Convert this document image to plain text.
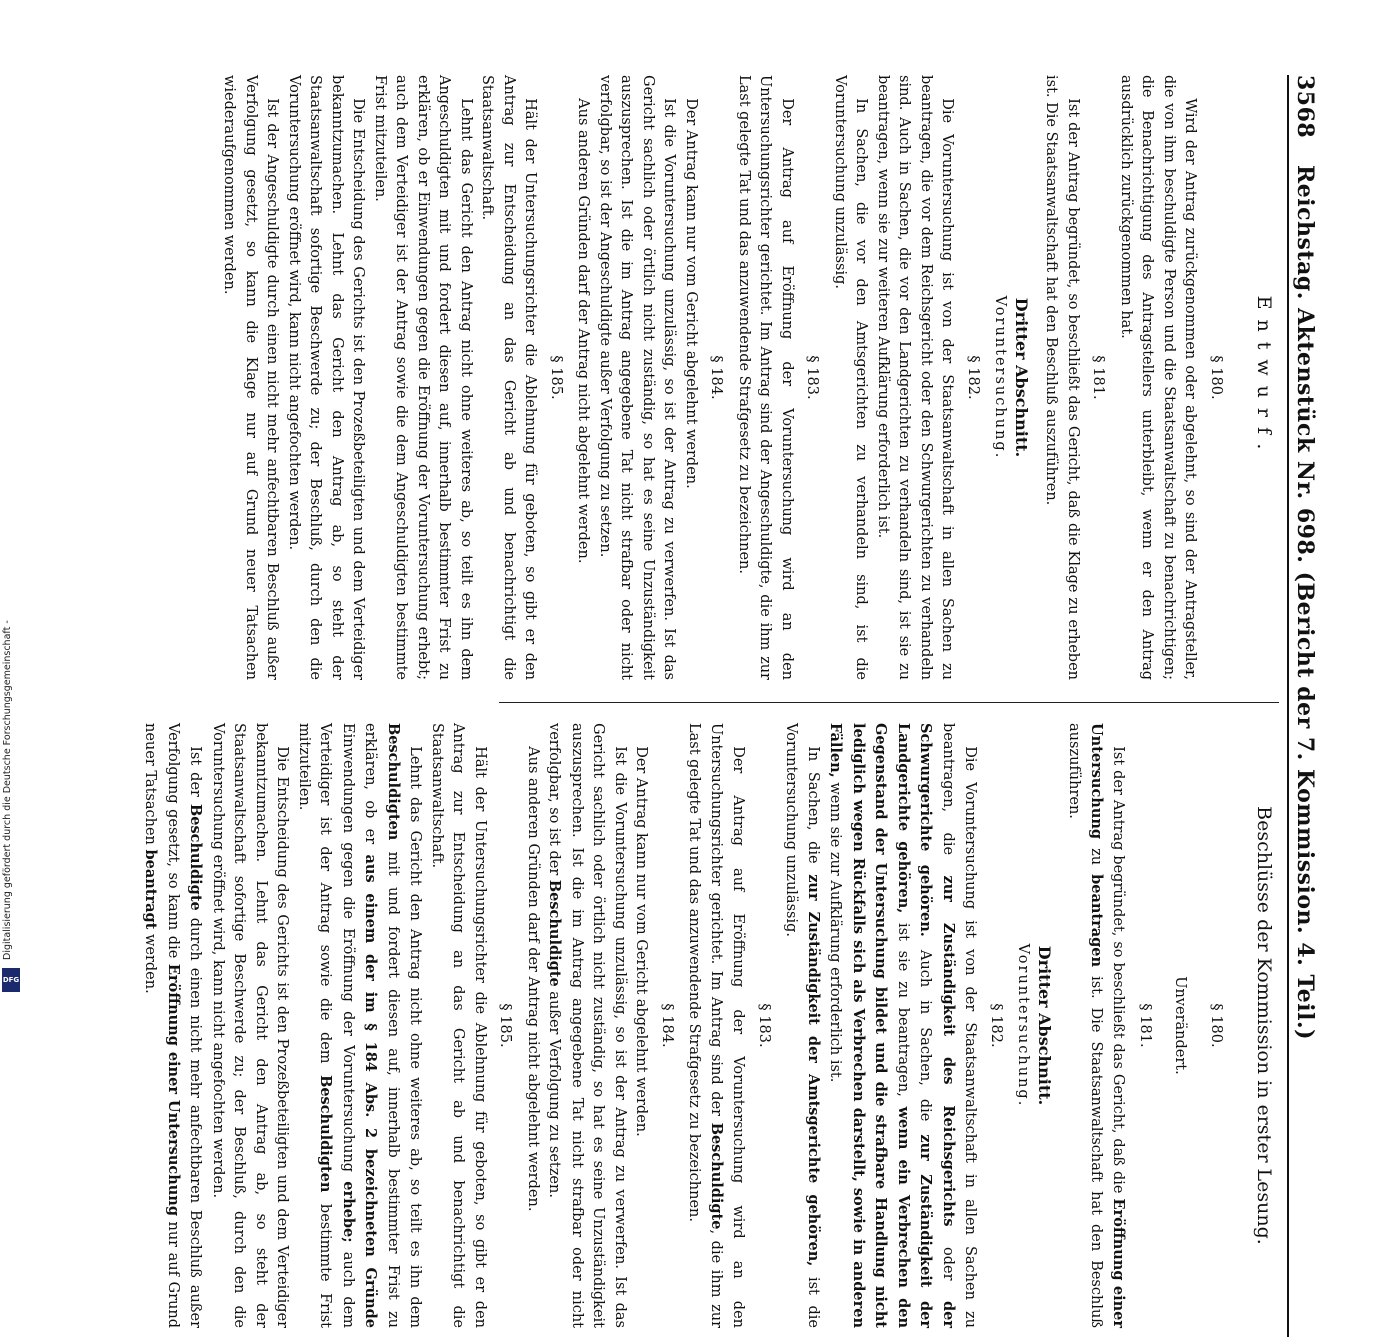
Digitalisierung gefördert durch die Deutsche Forschungsgemeinschaft -
DFG
3568
Reichstag. Aktenstück Nr. 698. (Bericht der 7. Kommission. 4. Teil.)
Entwurf.
Beschlüsse der Kommission in erster Lesung.
§ 180.

Wird der Antrag zurückgenommen oder abgelehnt, so sind der Antragsteller, die von ihm beschuldigte Person und die Staatsanwaltschaft zu benachrichtigen; die Benachrichtigung des Antragstellers unterbleibt, wenn er den Antrag ausdrücklich zurückgenommen hat.

§ 181.

Ist der Antrag begründet, so beschließt das Gericht, daß die Klage zu erheben ist. Die Staatsanwaltschaft hat den Beschluß auszuführen.

Dritter Abschnitt.
Voruntersuchung.
§ 182.

Die Voruntersuchung ist von der Staatsanwaltschaft in allen Sachen zu beantragen, die vor dem Reichsgericht oder den Schwurgerichten zu verhandeln sind. Auch in Sachen, die vor den Landgerichten zu verhandeln sind, ist sie zu beantragen, wenn sie zur weiteren Aufklärung erforderlich ist.

In Sachen, die vor den Amtsgerichten zu verhandeln sind, ist die Voruntersuchung unzulässig.

§ 183.

Der Antrag auf Eröffnung der Voruntersuchung wird an den Untersuchungsrichter gerichtet. Im Antrag sind der Angeschuldigte, die ihm zur Last gelegte Tat und das anzuwendende Strafgesetz zu bezeichnen.

§ 184.

Der Antrag kann nur vom Gericht abgelehnt werden.

Ist die Voruntersuchung unzulässig, so ist der Antrag zu verwerfen. Ist das Gericht sachlich oder örtlich nicht zuständig, so hat es seine Unzuständigkeit auszusprechen. Ist die im Antrag angegebene Tat nicht strafbar oder nicht verfolgbar, so ist der Angeschuldigte außer Verfolgung zu setzen.

Aus anderen Gründen darf der Antrag nicht abgelehnt werden.

§ 185.

Hält der Untersuchungsrichter die Ablehnung für geboten, so gibt er den Antrag zur Entscheidung an das Gericht ab und benachrichtigt die Staatsanwaltschaft.

Lehnt das Gericht den Antrag nicht ohne weiteres ab, so teilt es ihn dem Angeschuldigten mit und fordert diesen auf, innerhalb bestimmter Frist zu erklären, ob er Einwendungen gegen die Eröffnung der Voruntersuchung erhebt; auch dem Verteidiger ist der Antrag sowie die dem Angeschuldigten bestimmte Frist mitzuteilen.

Die Entscheidung des Gerichts ist den Prozeßbeteiligten und dem Verteidiger bekanntzumachen. Lehnt das Gericht den Antrag ab, so steht der Staatsanwaltschaft sofortige Beschwerde zu; der Beschluß, durch den die Voruntersuchung eröffnet wird, kann nicht angefochten werden.

Ist der Angeschuldigte durch einen nicht mehr anfechtbaren Beschluß außer Verfolgung gesetzt, so kann die Klage nur auf Grund neuer Tatsachen wiederaufgenommen werden.

§ 180.
Unverändert.
§ 181.

Ist der Antrag begründet, so beschließt das Gericht, daß die Eröffnung einer Untersuchung zu beantragen ist. Die Staatsanwaltschaft hat den Beschluß auszuführen.

Dritter Abschnitt.
Voruntersuchung.
§ 182.

Die Voruntersuchung ist von der Staatsanwaltschaft in allen Sachen zu beantragen, die zur Zuständigkeit des Reichsgerichts oder der Schwurgerichte gehören. Auch in Sachen, die zur Zuständigkeit der Landgerichte gehören, ist sie zu beantragen, wenn ein Verbrechen den Gegenstand der Untersuchung bildet und die strafbare Handlung nicht lediglich wegen Rückfalls sich als Verbrechen darstellt, sowie in anderen Fällen, wenn sie zur Aufklärung erforderlich ist.

In Sachen, die zur Zuständigkeit der Amtsgerichte gehören, ist die Voruntersuchung unzulässig.

§ 183.

Der Antrag auf Eröffnung der Voruntersuchung wird an den Untersuchungsrichter gerichtet. Im Antrag sind der Beschuldigte, die ihm zur Last gelegte Tat und das anzuwendende Strafgesetz zu bezeichnen.

§ 184.

Der Antrag kann nur vom Gericht abgelehnt werden.

Ist die Voruntersuchung unzulässig, so ist der Antrag zu verwerfen. Ist das Gericht sachlich oder örtlich nicht zuständig, so hat es seine Unzuständigkeit auszusprechen. Ist die im Antrag angegebene Tat nicht strafbar oder nicht verfolgbar, so ist der Beschuldigte außer Verfolgung zu setzen.

Aus anderen Gründen darf der Antrag nicht abgelehnt werden.

§ 185.

Hält der Untersuchungsrichter die Ablehnung für geboten, so gibt er den Antrag zur Entscheidung an das Gericht ab und benachrichtigt die Staatsanwaltschaft.

Lehnt das Gericht den Antrag nicht ohne weiteres ab, so teilt es ihn dem Beschuldigten mit und fordert diesen auf, innerhalb bestimmter Frist zu erklären, ob er aus einem der im § 184 Abs. 2 bezeichneten Gründe Einwendungen gegen die Eröffnung der Voruntersuchung erhebe; auch dem Verteidiger ist der Antrag sowie die dem Beschuldigten bestimmte Frist mitzuteilen.

Die Entscheidung des Gerichts ist den Prozeßbeteiligten und dem Verteidiger bekanntzumachen. Lehnt das Gericht den Antrag ab, so steht der Staatsanwaltschaft sofortige Beschwerde zu; der Beschluß, durch den die Voruntersuchung eröffnet wird, kann nicht angefochten werden.

Ist der Beschuldigte durch einen nicht mehr anfechtbaren Beschluß außer Verfolgung gesetzt, so kann die Eröffnung einer Untersuchung nur auf Grund neuer Tatsachen beantragt werden.
